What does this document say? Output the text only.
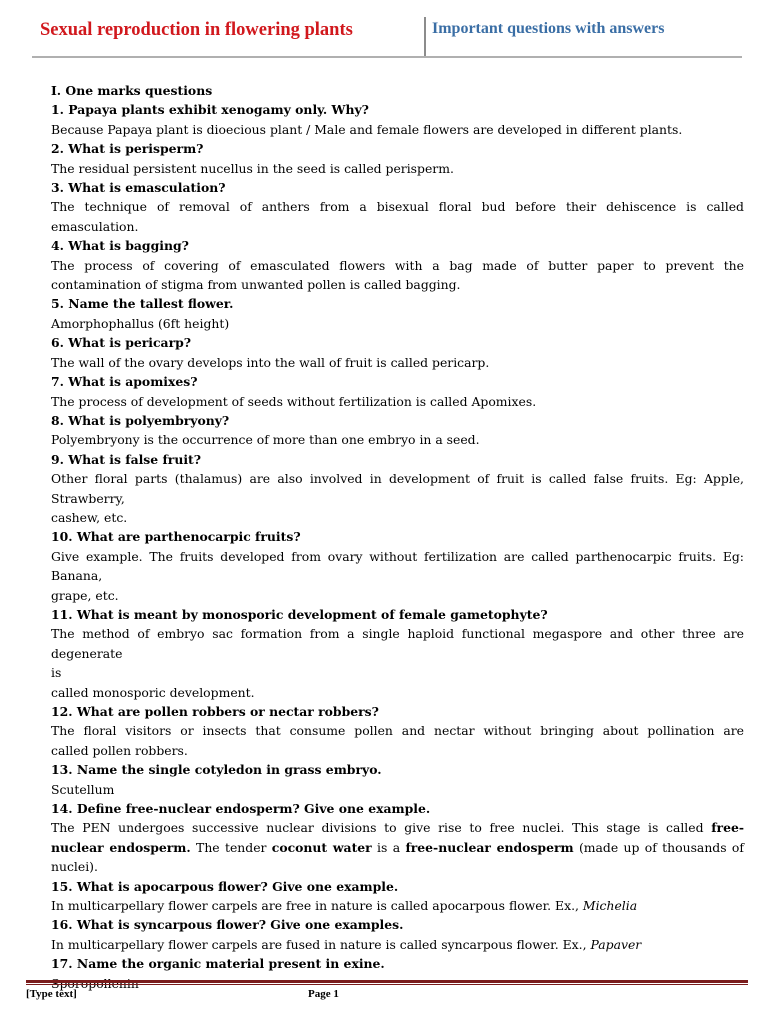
Sexual reproduction in flowering plants	Important questions with answers
I. One marks questions
1. Papaya plants exhibit xenogamy only. Why?
Because Papaya plant is dioecious plant / Male and female flowers are developed in different plants.
2. What is perisperm?
The residual persistent nucellus in the seed is called perisperm.
3. What is emasculation?
The technique of removal of anthers from a bisexual floral bud before their dehiscence is called emasculation.
4. What is bagging?
The process of covering of emasculated flowers with a bag made of butter paper to prevent the
contamination of stigma from unwanted pollen is called bagging.
5. Name the tallest flower.
Amorphophallus (6ft height)
6. What is pericarp?
The wall of the ovary develops into the wall of fruit is called pericarp.
7. What is apomixes?
The process of development of seeds without fertilization is called Apomixes.
8. What is polyembryony?
Polyembryony is the occurrence of more than one embryo in a seed.
9. What is false fruit?
Other floral parts (thalamus) are also involved in development of fruit is called false fruits. Eg: Apple,
Strawberry,
cashew, etc.
10. What are parthenocarpic fruits?
Give example. The fruits developed from ovary without fertilization are called parthenocarpic fruits. Eg:
Banana,
grape, etc.
11. What is meant by monosporic development of female gametophyte?
The method of embryo sac formation from a single haploid functional megaspore and other three are degenerate
is
called monosporic development.
12. What are pollen robbers or nectar robbers?
The floral visitors or insects that consume pollen and nectar without bringing about pollination are
called pollen robbers.
13. Name the single cotyledon in grass embryo.
Scutellum
14. Define free-nuclear endosperm? Give one example.
The PEN undergoes successive nuclear divisions to give rise to free nuclei. This stage is called free-
nuclear endosperm. The tender coconut water is a free-nuclear endosperm (made up of thousands of
nuclei).
15. What is apocarpous flower? Give one example.
In multicarpellary flower carpels are free in nature is called apocarpous flower. Ex., Michelia
16. What is syncarpous flower? Give one examples.
In multicarpellary flower carpels are fused in nature is called syncarpous flower. Ex., Papaver
17. Name the organic material present in exine.
[Type text]	Page 1
